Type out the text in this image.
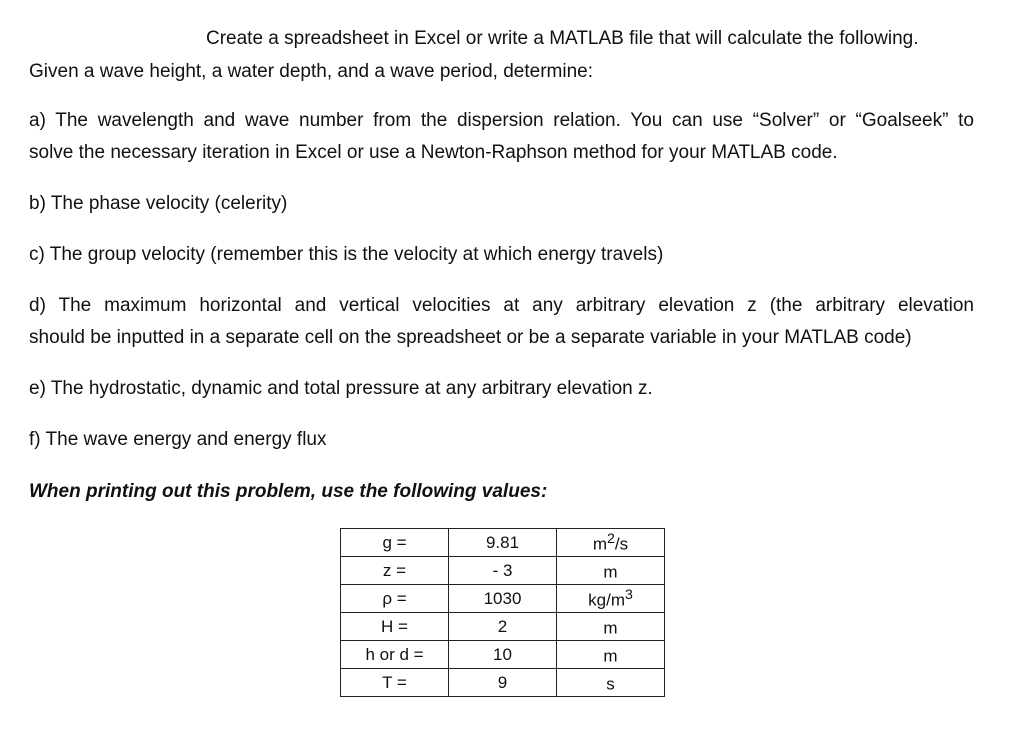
Create a spreadsheet in Excel or write a MATLAB file that will calculate the following.
Given a wave height, a water depth, and a wave period, determine:
a) The wavelength and wave number from the dispersion relation. You can use “Solver” or “Goalseek” to
solve the necessary iteration in Excel or use a Newton-Raphson method for your MATLAB code.
b) The phase velocity (celerity)
c) The group velocity (remember this is the velocity at which energy travels)
d) The maximum horizontal and vertical velocities at any arbitrary elevation z (the arbitrary elevation
should be inputted in a separate cell on the spreadsheet or be a separate variable in your MATLAB code)
e) The hydrostatic, dynamic and total pressure at any arbitrary elevation z.
f) The wave energy and energy flux
When printing out this problem, use the following values:
g =	9.81	$m^2/s$
z =	- 3	m
ρ =	1030	$kg/m^3$
H =	2	m
h or d =	10	m
T =	9	s
